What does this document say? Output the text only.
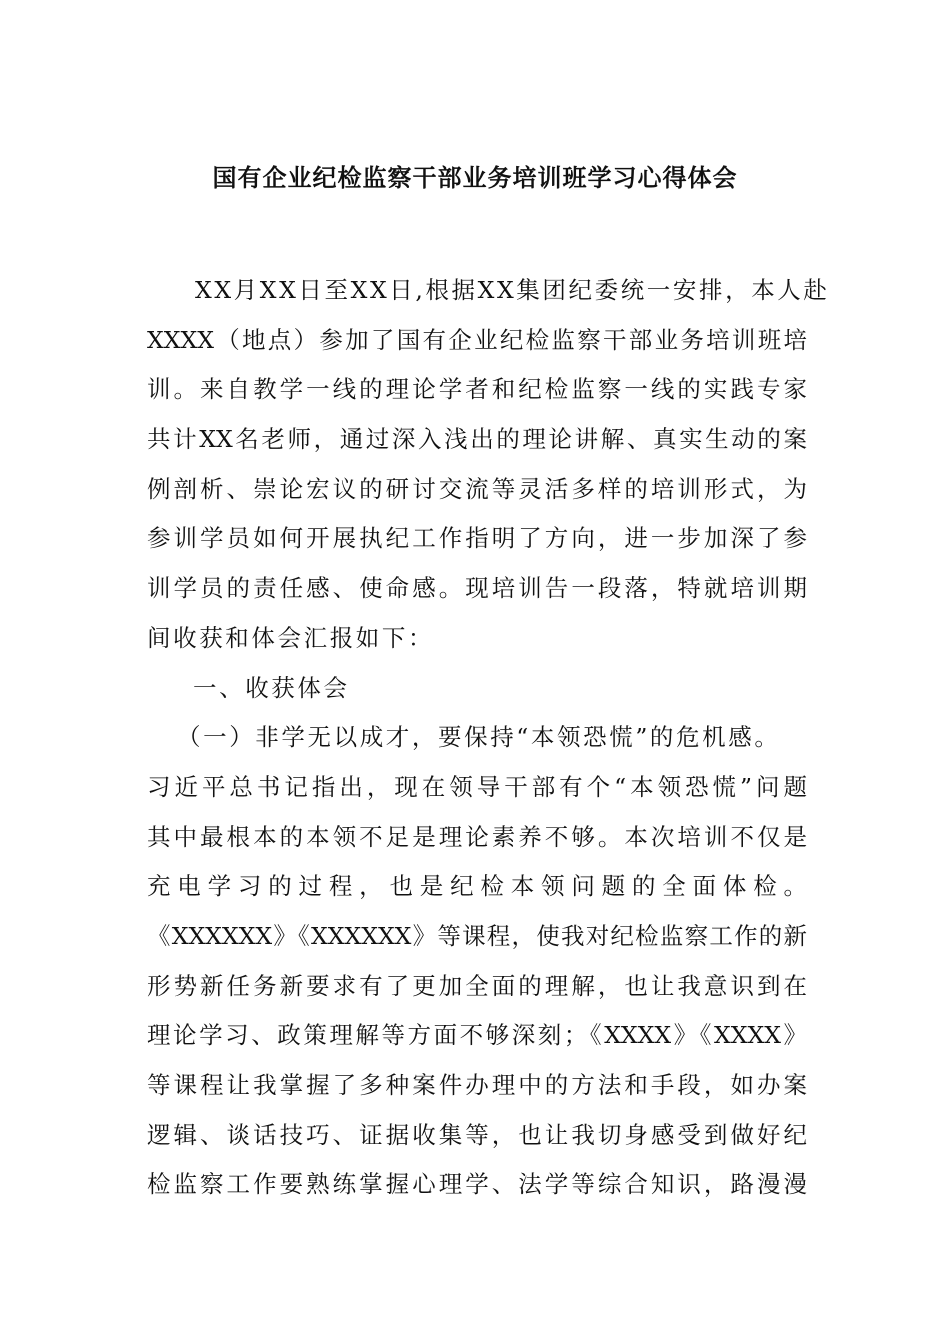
国有企业纪检监察干部业务培训班学习心得体会
XX月XX日至XX日,根据XX集团纪委统一安排，本人赴
XXXX（地点）参加了国有企业纪检监察干部业务培训班培
训。来自教学一线的理论学者和纪检监察一线的实践专家
共计XX名老师，通过深入浅出的理论讲解、真实生动的案
例剖析、崇论宏议的研讨交流等灵活多样的培训形式，为
参训学员如何开展执纪工作指明了方向，进一步加深了参
训学员的责任感、使命感。现培训告一段落，特就培训期
间收获和体会汇报如下：
一、收获体会
（一）非学无以成才，要保持“本领恐慌”的危机感。
习近平总书记指出，现在领导干部有个“本领恐慌”问题
其中最根本的本领不足是理论素养不够。本次培训不仅是
充电学习的过程，也是纪检本领问题的全面体检。
《XXXXXX》《XXXXXX》等课程，使我对纪检监察工作的新
形势新任务新要求有了更加全面的理解，也让我意识到在
理论学习、政策理解等方面不够深刻；《XXXX》《XXXX》
等课程让我掌握了多种案件办理中的方法和手段，如办案
逻辑、谈话技巧、证据收集等，也让我切身感受到做好纪
检监察工作要熟练掌握心理学、法学等综合知识，路漫漫
